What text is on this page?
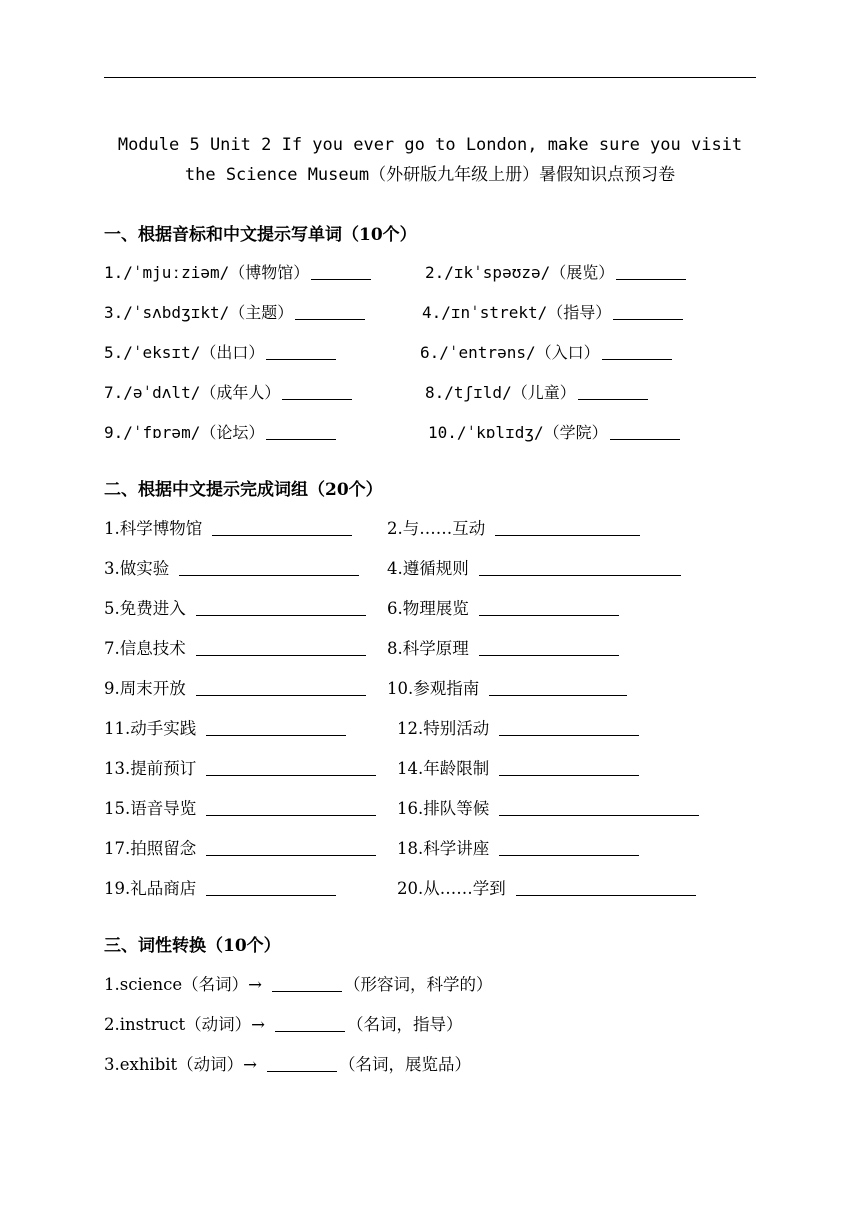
Module 5 Unit 2 If you ever go to London, make sure you visit
the Science Museum（外研版九年级上册）暑假知识点预习卷
一、根据音标和中文提示写单词（10个）
1./ˈmjuːziəm/（博物馆）	2./ɪkˈspəʊzə/（展览）
3./ˈsʌbdʒɪkt/（主题）	4./ɪnˈstrekt/（指导）
5./ˈeksɪt/（出口）	6./ˈentrəns/（入口）
7./əˈdʌlt/（成年人）	8./tʃɪld/（儿童）
9./ˈfɒrəm/（论坛）	10./ˈkɒlɪdʒ/（学院）
二、根据中文提示完成词组（20个）
1.科学博物馆	2.与……互动
3.做实验	4.遵循规则
5.免费进入	6.物理展览
7.信息技术	8.科学原理
9.周末开放	10.参观指南
11.动手实践	12.特别活动
13.提前预订	14.年龄限制
15.语音导览	16.排队等候
17.拍照留念	18.科学讲座
19.礼品商店	20.从……学到
三、词性转换（10个）
1.science（名词）→	（形容词，科学的）
2.instruct（动词）→	（名词，指导）
3.exhibit（动词）→	（名词，展览品）
